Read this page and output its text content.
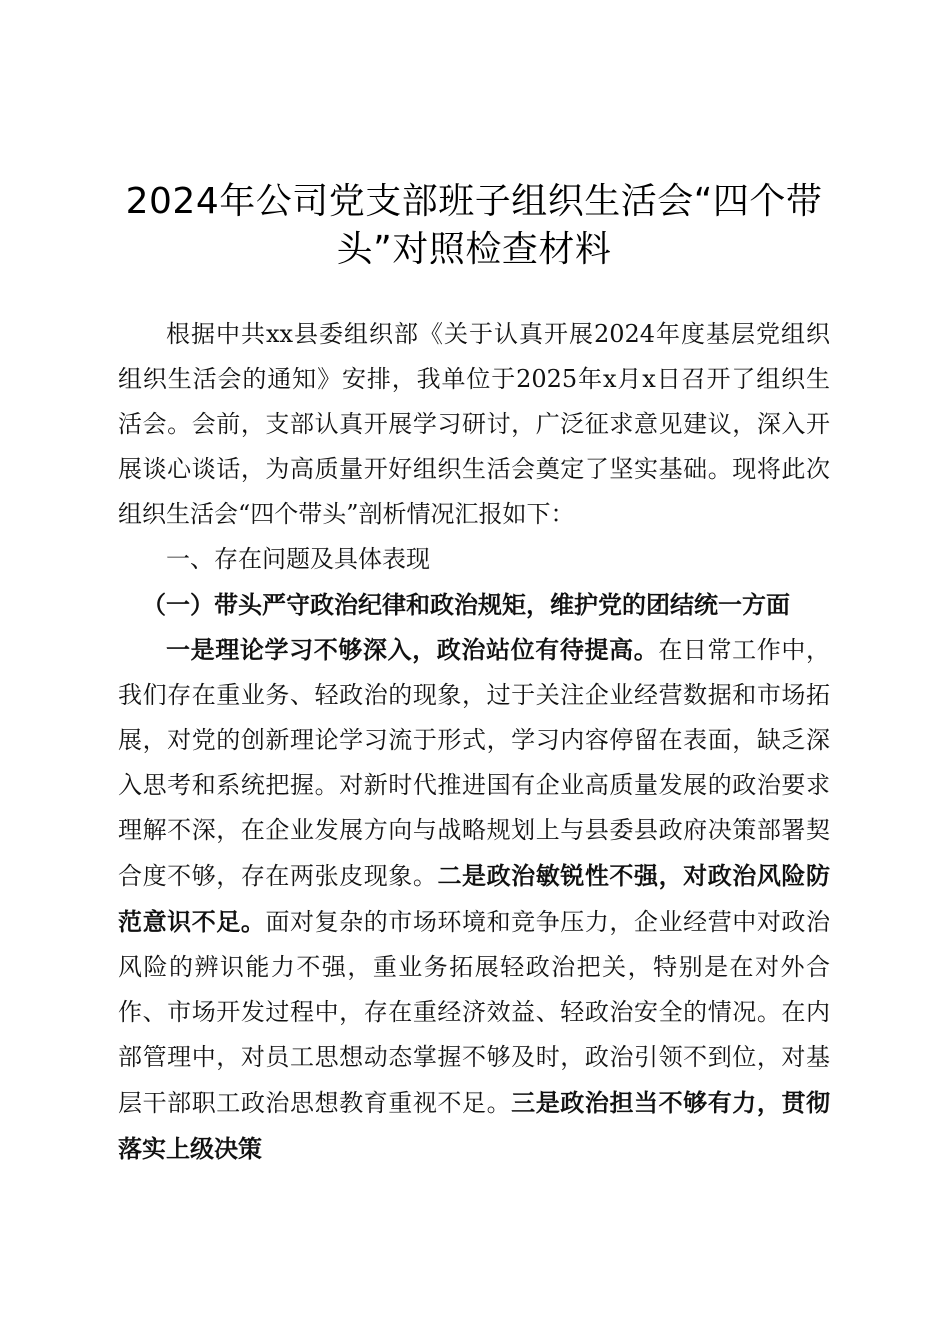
2024年公司党支部班子组织生活会“四个带头”对照检查材料

根据中共xx县委组织部《关于认真开展2024年度基层党组织组织生活会的通知》安排，我单位于2025年x月x日召开了组织生活会。会前，支部认真开展学习研讨，广泛征求意见建议，深入开展谈心谈话，为高质量开好组织生活会奠定了坚实基础。现将此次组织生活会“四个带头”剖析情况汇报如下：

一、存在问题及具体表现

（一）带头严守政治纪律和政治规矩，维护党的团结统一方面

一是理论学习不够深入，政治站位有待提高。在日常工作中，我们存在重业务、轻政治的现象，过于关注企业经营数据和市场拓展，对党的创新理论学习流于形式，学习内容停留在表面，缺乏深入思考和系统把握。对新时代推进国有企业高质量发展的政治要求理解不深，在企业发展方向与战略规划上与县委县政府决策部署契合度不够，存在两张皮现象。二是政治敏锐性不强，对政治风险防范意识不足。面对复杂的市场环境和竞争压力，企业经营中对政治风险的辨识能力不强，重业务拓展轻政治把关，特别是在对外合作、市场开发过程中，存在重经济效益、轻政治安全的情况。在内部管理中，对员工思想动态掌握不够及时，政治引领不到位，对基层干部职工政治思想教育重视不足。三是政治担当不够有力，贯彻落实上级决策
